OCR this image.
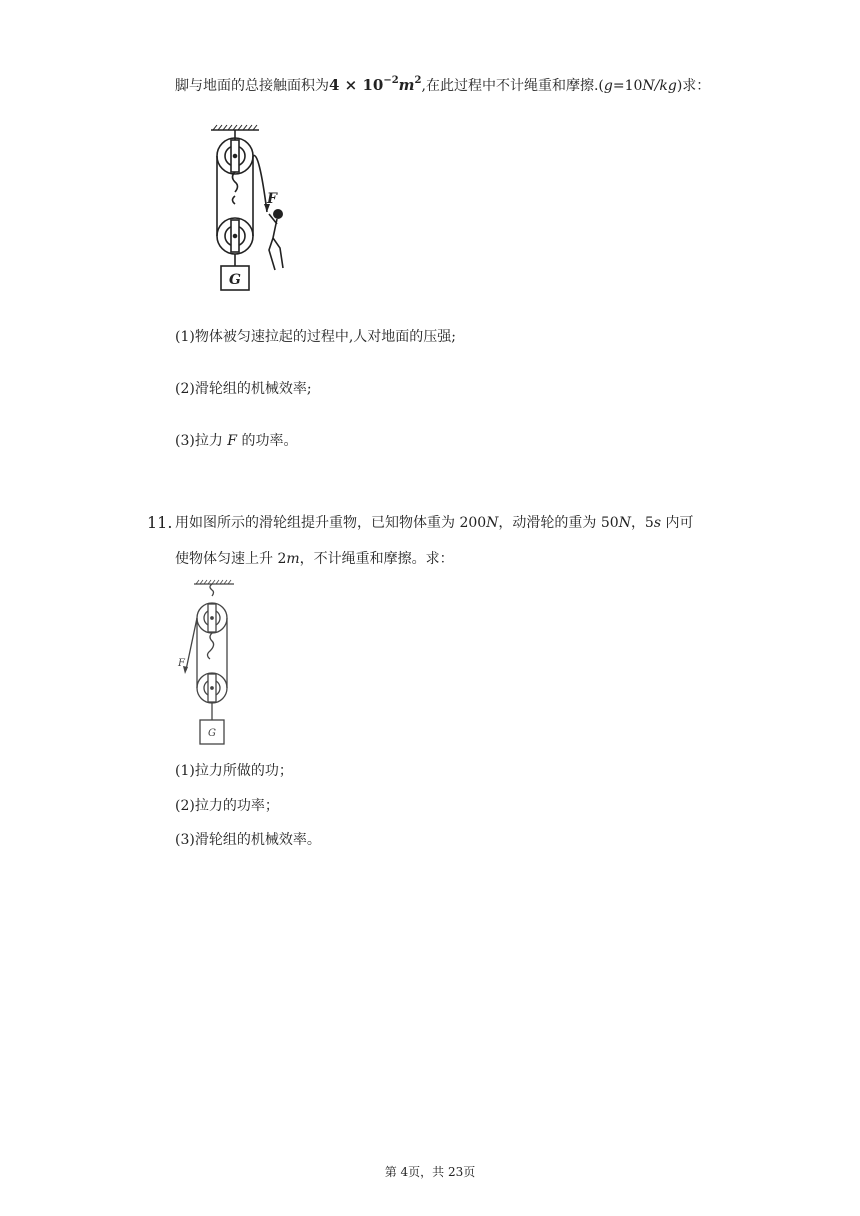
脚与地面的总接触面积为$4 \times 10^{-2}m^2$,在此过程中不计绳重和摩擦.(g=10N/kg)求：
F
G
(1)物体被匀速拉起的过程中,人对地面的压强;
(2)滑轮组的机械效率;
(3)拉力 F 的功率。
11. 用如图所示的滑轮组提升重物，已知物体重为 200N，动滑轮的重为 50N，5s 内可
使物体匀速上升 2m，不计绳重和摩擦。求：
F
G
(1)拉力所做的功；
(2)拉力的功率；
(3)滑轮组的机械效率。
第 4页，共 23页
